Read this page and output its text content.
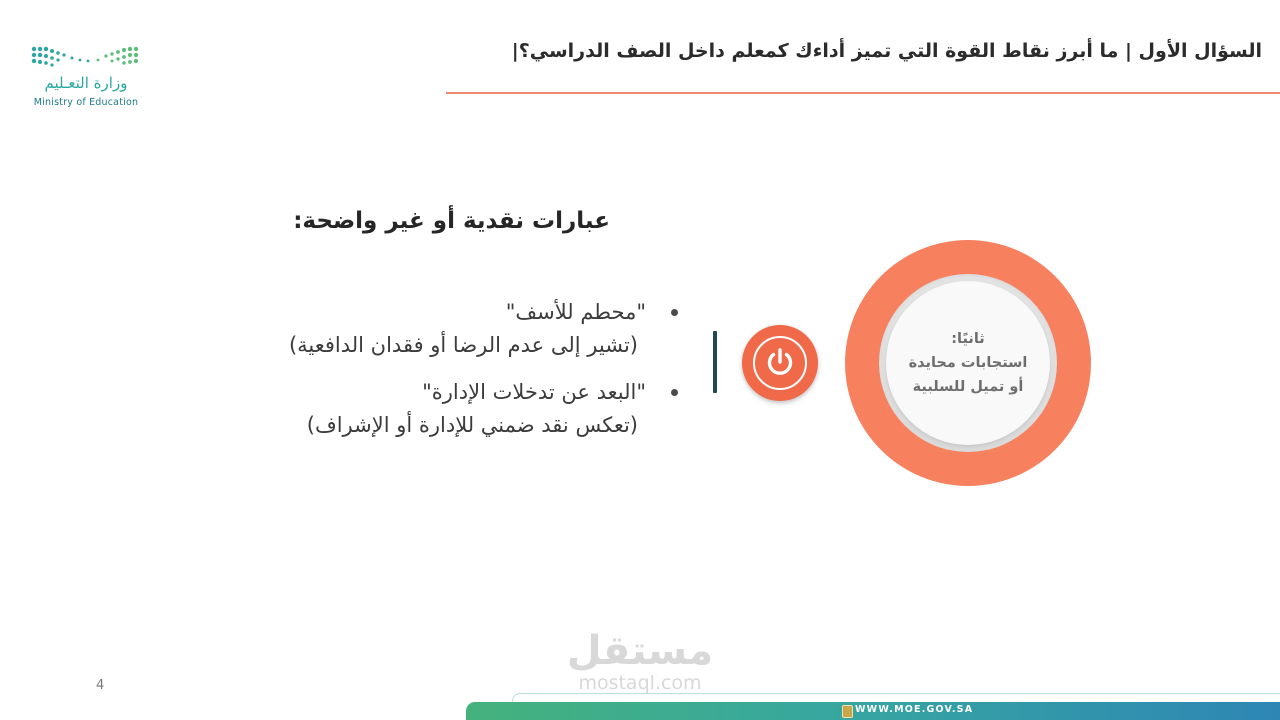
وزارة التعـليم
Ministry of Education
السؤال الأول | ما أبرز نقاط القوة التي تميز أداءك كمعلم داخل الصف الدراسي؟|
عبارات نقدية أو غير واضحة:
"محطم للأسف"
(تشير إلى عدم الرضا أو فقدان الدافعية)
"البعد عن تدخلات الإدارة"
(تعكس نقد ضمني للإدارة أو الإشراف)
ثانيًا:
استجابات محايدة
أو تميل للسلبية
4
مستقل
mostaql.com
WWW.MOE.GOV.SA
